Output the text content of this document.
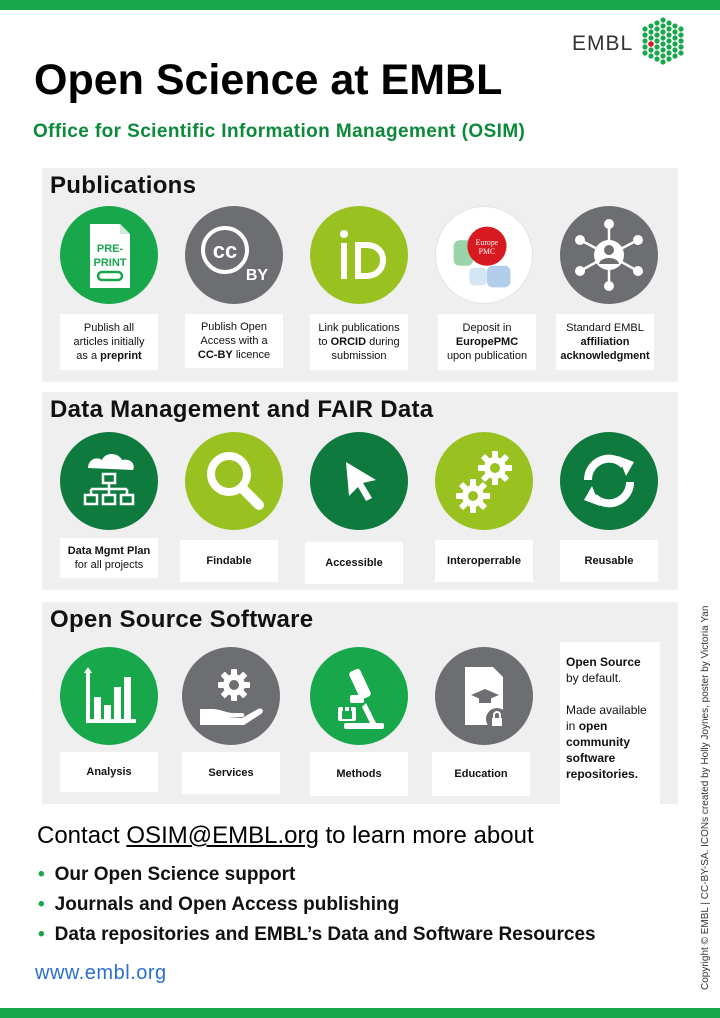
EMBL
Open Science at EMBL
Office for Scientific Information Management (OSIM)
Publications
PRE-
PRINT
Publish all
articles initially
as a preprint
cc
BY
Publish Open
Access with a
CC-BY licence
Link publications
to ORCID during
submission
Europe
PMC
Deposit in
EuropePMC
upon publication
Standard EMBL
affiliation
acknowledgment
Data Management and FAIR Data
Data Mgmt Plan
for all projects	Findable	Accessible	Interoperrable	Reusable
Open Source Software
Analysis	Services	Methods	Education
Open Source
by default.
Made available
in open
community
software
repositories.
Contact OSIM@EMBL.org to learn more about
• Our Open Science support
• Journals and Open Access publishing
• Data repositories and EMBL’s Data and Software Resources
www.embl.org	Copyright © EMBL | CC-BY-SA. ICONs created by Holly Joynes, poster by Victoria Yan
